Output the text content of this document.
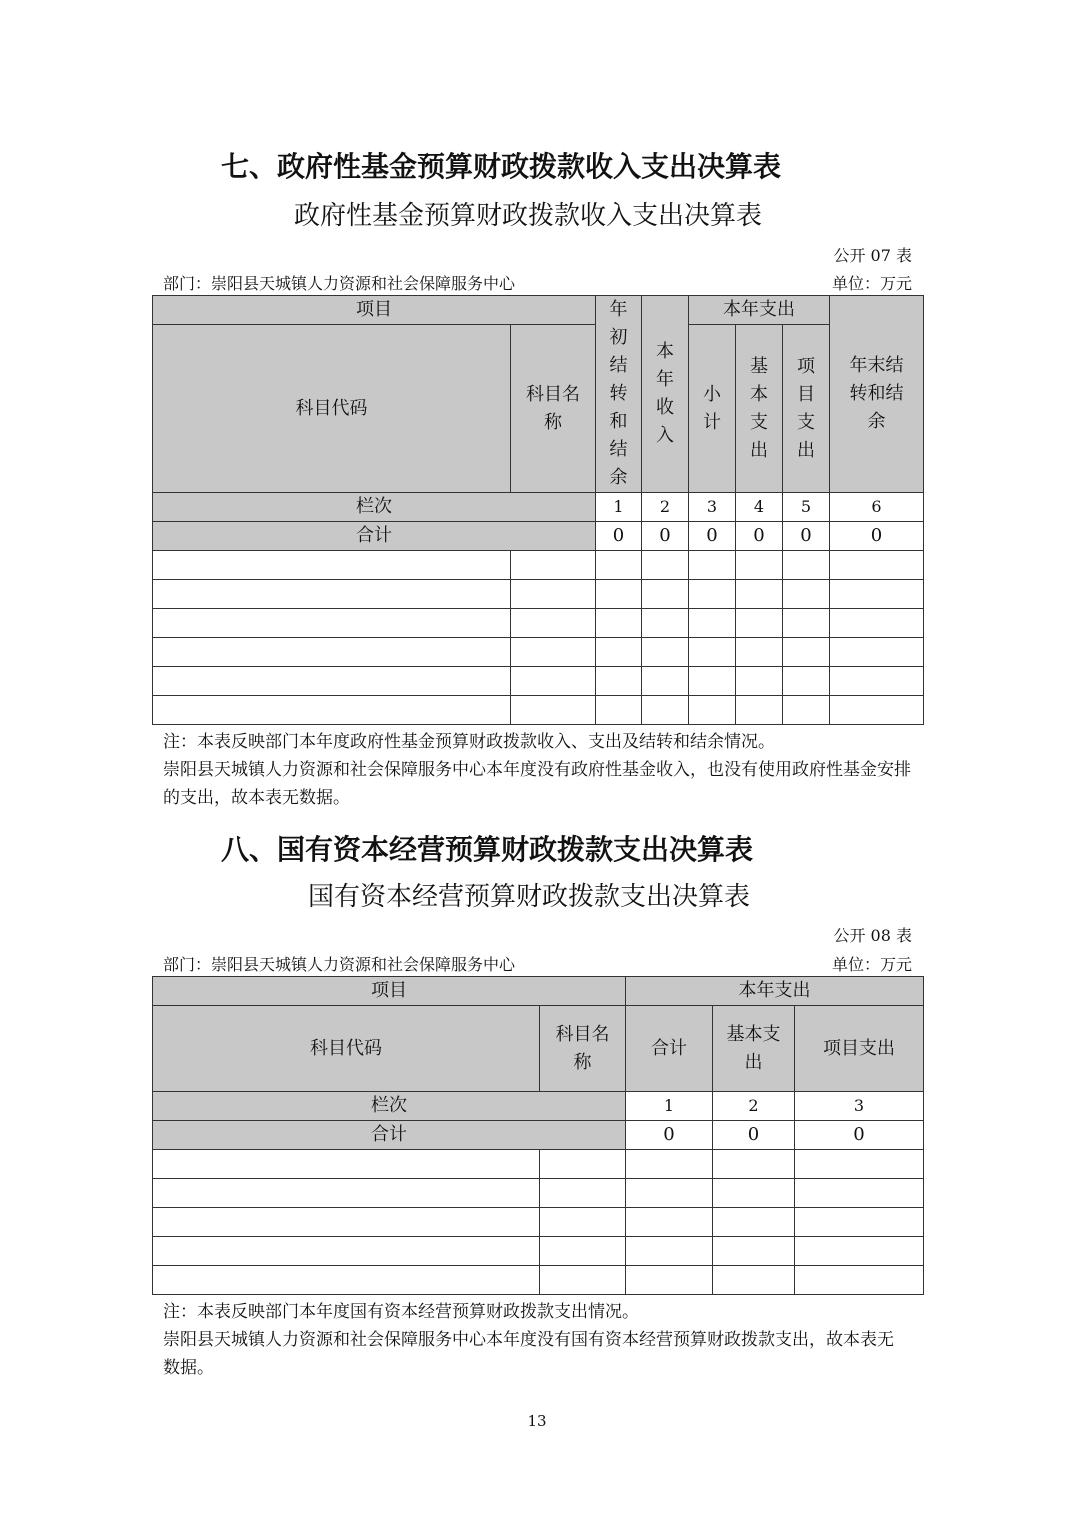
七、政府性基金预算财政拨款收入支出决算表
政府性基金预算财政拨款收入支出决算表
公开 07 表
部门：崇阳县天城镇人力资源和社会保障服务中心	单位：万元
项目		年初结转和结余	本年收入	本年支出			年末结转和结余
科目代码	科目名称			小计	基本支出	项目支出	
栏次		1	2	3	4	5	6
合计		0	0	0	0	0	0

注：本表反映部门本年度政府性基金预算财政拨款收入、支出及结转和结余情况。
崇阳县天城镇人力资源和社会保障服务中心本年度没有政府性基金收入，也没有使用政府性基金安排的支出，故本表无数据。
八、国有资本经营预算财政拨款支出决算表
国有资本经营预算财政拨款支出决算表
公开 08 表
部门：崇阳县天城镇人力资源和社会保障服务中心	单位：万元
项目		本年支出		
科目代码	科目名称	合计	基本支出	项目支出
栏次		1	2	3
合计		0	0	0

注：本表反映部门本年度国有资本经营预算财政拨款支出情况。
崇阳县天城镇人力资源和社会保障服务中心本年度没有国有资本经营预算财政拨款支出，故本表无数据。
13
